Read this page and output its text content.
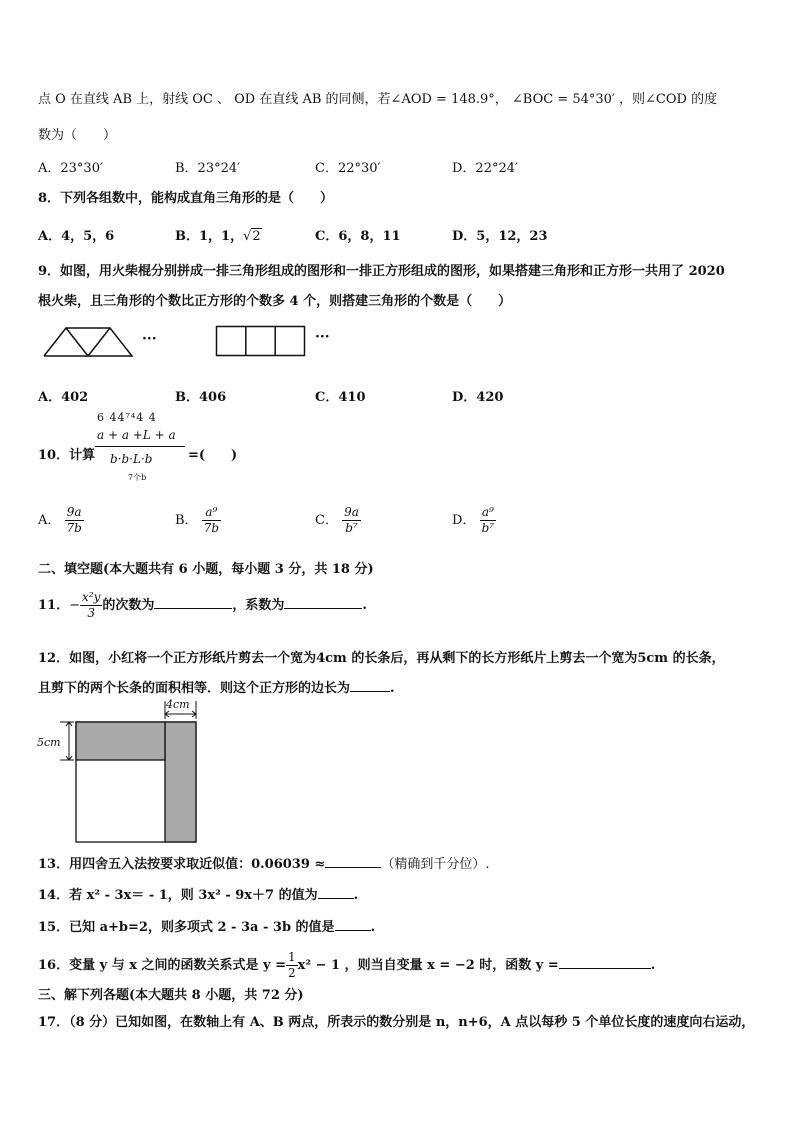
点 O 在直线 AB 上，射线 OC 、 OD 在直线 AB 的同侧，若∠AOD = 148.9°， ∠BOC = 54°30′ ，则∠COD 的度
数为（　　）
A．23°30′	B．23°24′	C．22°30′	D．22°24′
8．下列各组数中，能构成直角三角形的是（　　）
A．4，5，6	B．1，1，√2	C．6，8，11	D．5，12，23
9．如图，用火柴棍分别拼成一排三角形组成的图形和一排正方形组成的图形，如果搭建三角形和正方形一共用了 2020
根火柴，且三角形的个数比正方形的个数多 4 个，则搭建三角形的个数是（　　）
···	···
A．402	B．406	C．410	D．420
10．计算
6 44⁷⁴4 4
a + a +L + a
b·b·L·b
7个b
=(　　)
A． $\frac{9a}{7b}$	B． $\frac{\text{a⁹}}{7b}$	C． $\frac{9a}{\text{b⁷}}$	D． $\frac{\text{a⁹}}{\text{b⁷}}$
二、填空题(本大题共有 6 小题，每小题 3 分，共 18 分)
11．− $\frac{\text{x²y}}{3}$ 的次数为	，系数为	.
12．如图，小红将一个正方形纸片剪去一个宽为4cm 的长条后，再从剩下的长方形纸片上剪去一个宽为5cm 的长条，
且剪下的两个长条的面积相等．则这个正方形的边长为	.
4cm
5cm
13．用四舍五入法按要求取近似值：0.06039 ≈	（精确到千分位）.
14．若 x² - 3x＝ - 1，则 3x² - 9x＋7 的值为	.
15．已知 a+b=2，则多项式 2 - 3a - 3b 的值是	.
16．变量 y 与 x 之间的函数关系式是 $y = \frac{1}{2} x^2 - 1$ ，则当自变量 x = −2 时，函数 y =	.
三、解下列各题(本大题共 8 小题，共 72 分)
17．（8 分）已知如图，在数轴上有 A、B 两点，所表示的数分别是 n，n+6，A 点以每秒 5 个单位长度的速度向右运动，
